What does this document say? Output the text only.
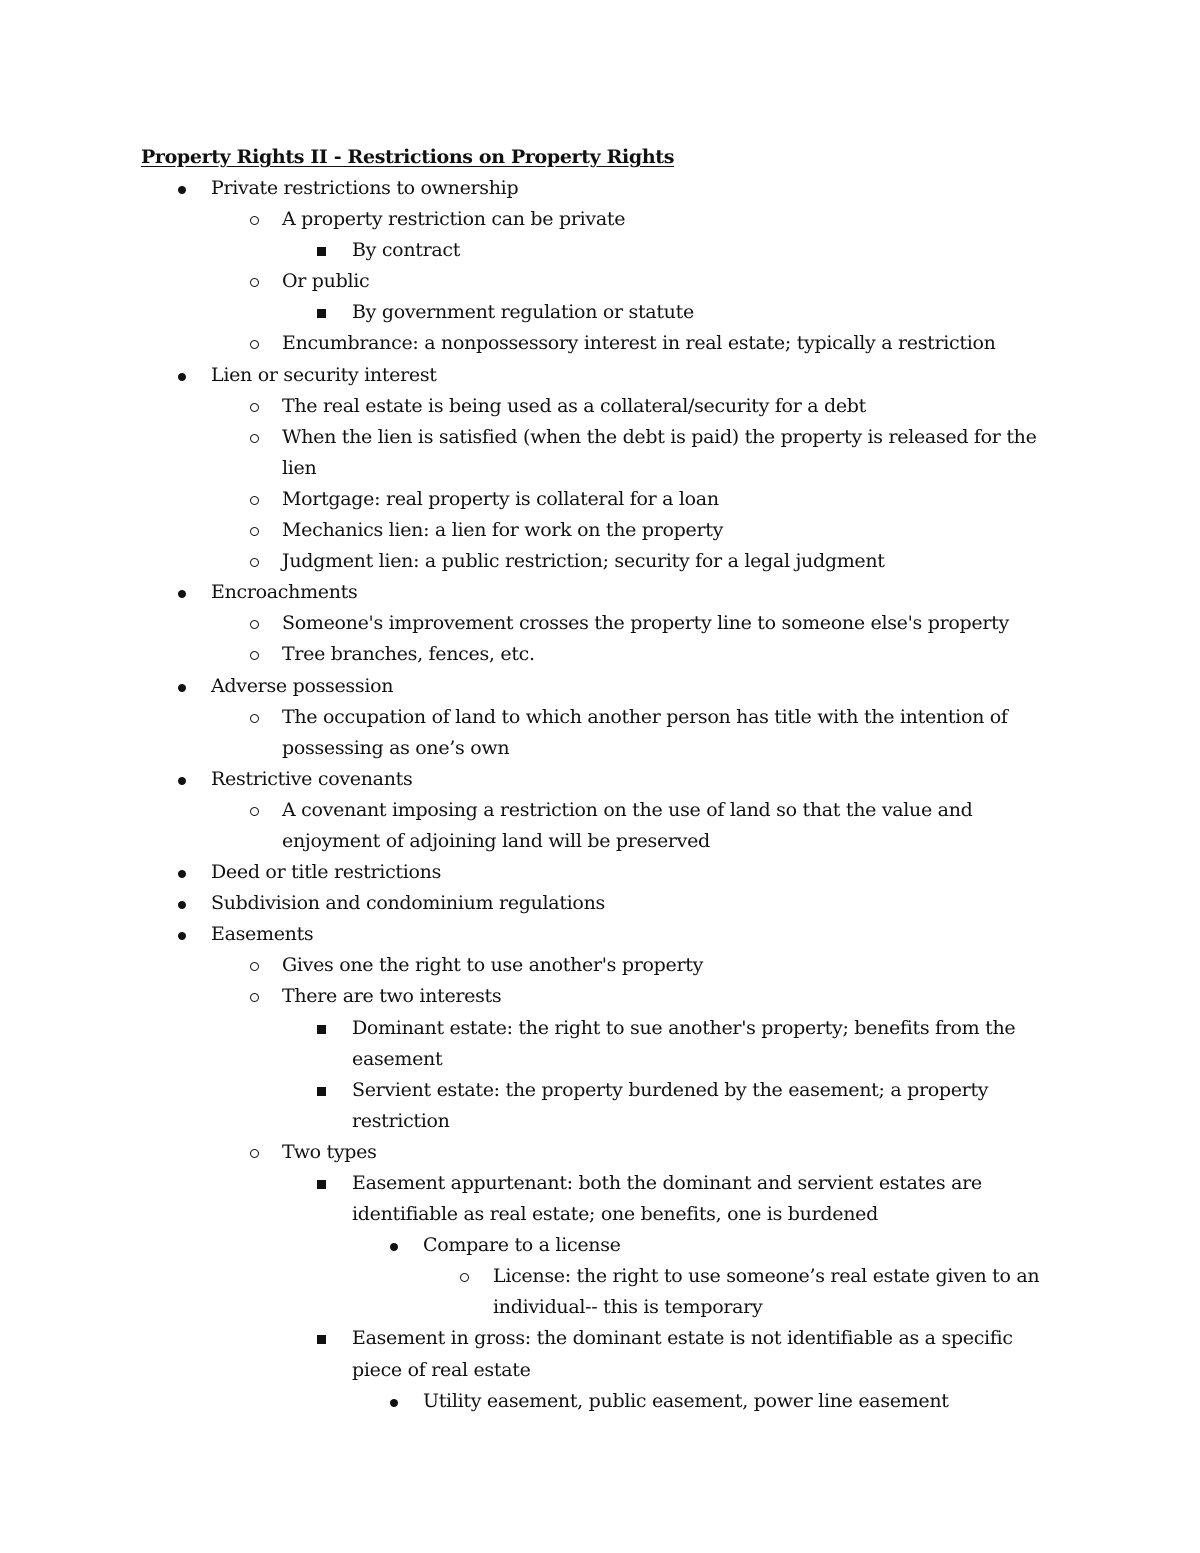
Property Rights II - Restrictions on Property Rights
Private restrictions to ownership
A property restriction can be private
By contract
Or public
By government regulation or statute
Encumbrance: a nonpossessory interest in real estate; typically a restriction
Lien or security interest
The real estate is being used as a collateral/security for a debt
When the lien is satisfied (when the debt is paid) the property is released for the lien
Mortgage: real property is collateral for a loan
Mechanics lien: a lien for work on the property
Judgment lien: a public restriction; security for a legal judgment
Encroachments
Someone's improvement crosses the property line to someone else's property
Tree branches, fences, etc.
Adverse possession
The occupation of land to which another person has title with the intention of possessing as one’s own
Restrictive covenants
A covenant imposing a restriction on the use of land so that the value and enjoyment of adjoining land will be preserved
Deed or title restrictions
Subdivision and condominium regulations
Easements
Gives one the right to use another's property
There are two interests
Dominant estate: the right to sue another's property; benefits from the easement
Servient estate: the property burdened by the easement; a property restriction
Two types
Easement appurtenant: both the dominant and servient estates are identifiable as real estate; one benefits, one is burdened
Compare to a license
License: the right to use someone’s real estate given to an individual-- this is temporary
Easement in gross: the dominant estate is not identifiable as a specific piece of real estate
Utility easement, public easement, power line easement
